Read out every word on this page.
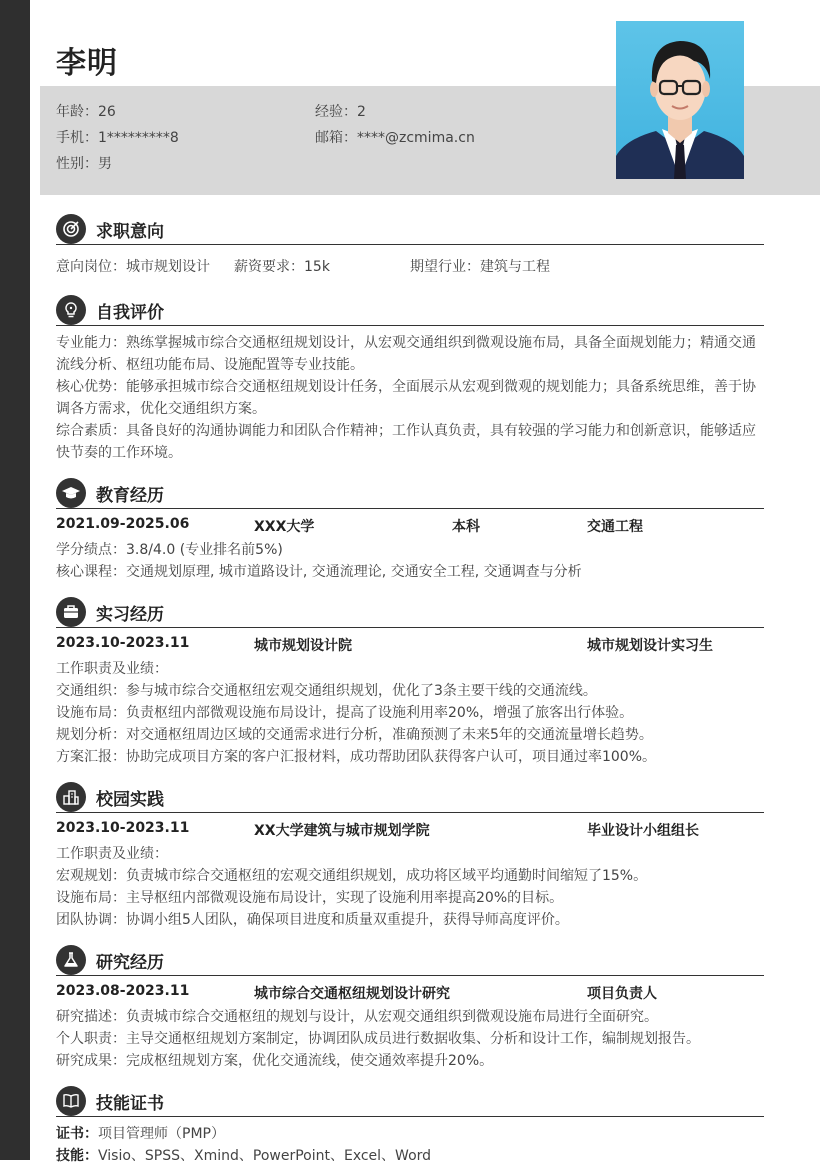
李明
年龄：26	经验：2
手机：1*********8	邮箱：****@zcmima.cn
性别：男
求职意向
意向岗位：城市规划设计 薪资要求：15k	期望行业：建筑与工程
自我评价
专业能力：熟练掌握城市综合交通枢纽规划设计，从宏观交通组织到微观设施布局，具备全面规划能力；精通交通流线分析、枢纽功能布局、设施配置等专业技能。
核心优势：能够承担城市综合交通枢纽规划设计任务，全面展示从宏观到微观的规划能力；具备系统思维，善于协调各方需求，优化交通组织方案。
综合素质：具备良好的沟通协调能力和团队合作精神；工作认真负责，具有较强的学习能力和创新意识，能够适应快节奏的工作环境。
教育经历
2021.09-2025.06	XXX大学	本科	交通工程
学分绩点：3.8/4.0 (专业排名前5%)
核心课程：交通规划原理, 城市道路设计, 交通流理论, 交通安全工程, 交通调查与分析
实习经历
2023.10-2023.11	城市规划设计院	城市规划设计实习生
工作职责及业绩：
交通组织：参与城市综合交通枢纽宏观交通组织规划，优化了3条主要干线的交通流线。
设施布局：负责枢纽内部微观设施布局设计，提高了设施利用率20%，增强了旅客出行体验。
规划分析：对交通枢纽周边区域的交通需求进行分析，准确预测了未来5年的交通流量增长趋势。
方案汇报：协助完成项目方案的客户汇报材料，成功帮助团队获得客户认可，项目通过率100%。
校园实践
2023.10-2023.11	XX大学建筑与城市规划学院	毕业设计小组组长
工作职责及业绩：
宏观规划：负责城市综合交通枢纽的宏观交通组织规划，成功将区域平均通勤时间缩短了15%。
设施布局：主导枢纽内部微观设施布局设计，实现了设施利用率提高20%的目标。
团队协调：协调小组5人团队，确保项目进度和质量双重提升，获得导师高度评价。
研究经历
2023.08-2023.11	城市综合交通枢纽规划设计研究	项目负责人
研究描述：负责城市综合交通枢纽的规划与设计，从宏观交通组织到微观设施布局进行全面研究。
个人职责：主导交通枢纽规划方案制定，协调团队成员进行数据收集、分析和设计工作，编制规划报告。
研究成果：完成枢纽规划方案，优化交通流线，使交通效率提升20%。
技能证书
证书：项目管理师（PMP）
技能：Visio、SPSS、Xmind、PowerPoint、Excel、Word
